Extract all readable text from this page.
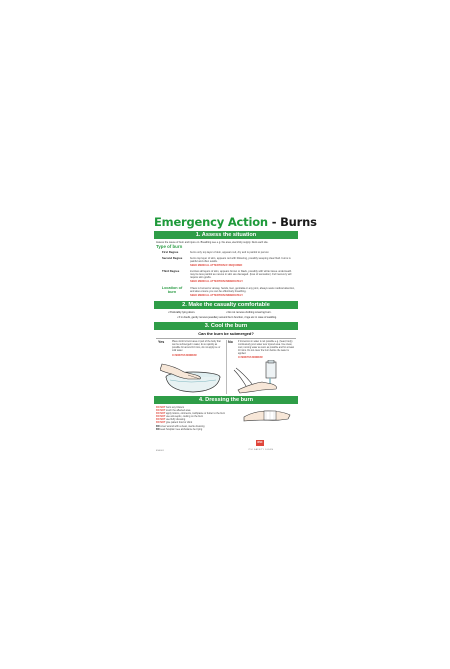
Emergency Action - Burns
1. Assess the situation
Assess the cause of burn and injure on. Breathing see e.g. fire area, electricity supply. Dent each site.
Type of burn
First Degree	burns only top layer of skin, appears red, dry and is painful to person
Second Degree	burns top layer of skin, appears red with blistering, possibly weeping clear fluid. burns is painful and often swells.
SEEK MEDICAL ATTENTION IF REQUIRED
Third Degree	involves all layers of skin, appears brown or black, possibly with white tissue underneath. may be less painful as nerves in skin are damaged. (loss of sensation). Full recovery will require skin grafts.
SEEK MEDICAL ATTENTION IMMEDIATELY
Location of burn
If face is burned or airway, hands, feet, genitalia or any joint, always seek medical attention, and also ensure you can be effectively breathing.
SEEK MEDICAL ATTENTION IMMEDIATELY
2. Make the casualty comfortable
• Preferably lying down.	• Do not remove clothing covering burn.
• If in doubt, gently remove jewellery around burn function, ringe etc in case of swelling.
3. Cool the burn
Can the burn be submerged?
Yes	Place victim's burnt area or part of the body that can be submerged in water, do so quickly as possible for around 10 mins, do not apply ice or cold water.
10 MINUTES MINIMUM
No If immersion in water is not possible e.g. (head, body) continuously pour water over injured area. Use clean, cool, running water as soon as possible and for at least 10 mins. Do not cover the burn before the water is applied.
10 MINUTES MINIMUM
4. Dressing the burn
DO NOT burst any blisters
DO NOT touch the affected area
DO NOT apply lotions, ointments, toothpaste or butter to the burn
DO NOT use anti-septic, cooling on the burn
DO NOT use fluffy dressing
DO NOT give patient food or drink
DO cover wound with a clean, sterile dressing
DO seek hospital / see ambulance be trying
RSC
ES0001	PSI SAFETY SIGNS
